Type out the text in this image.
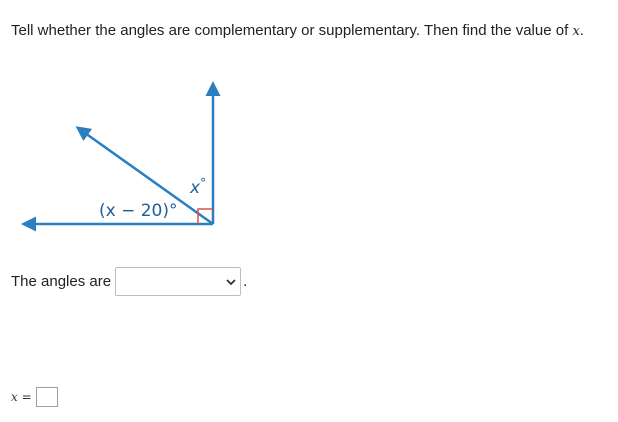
Tell whether the angles are complementary or supplementary. Then find the value of x.
(x − 20)°
x°
The angles are	.
x =
